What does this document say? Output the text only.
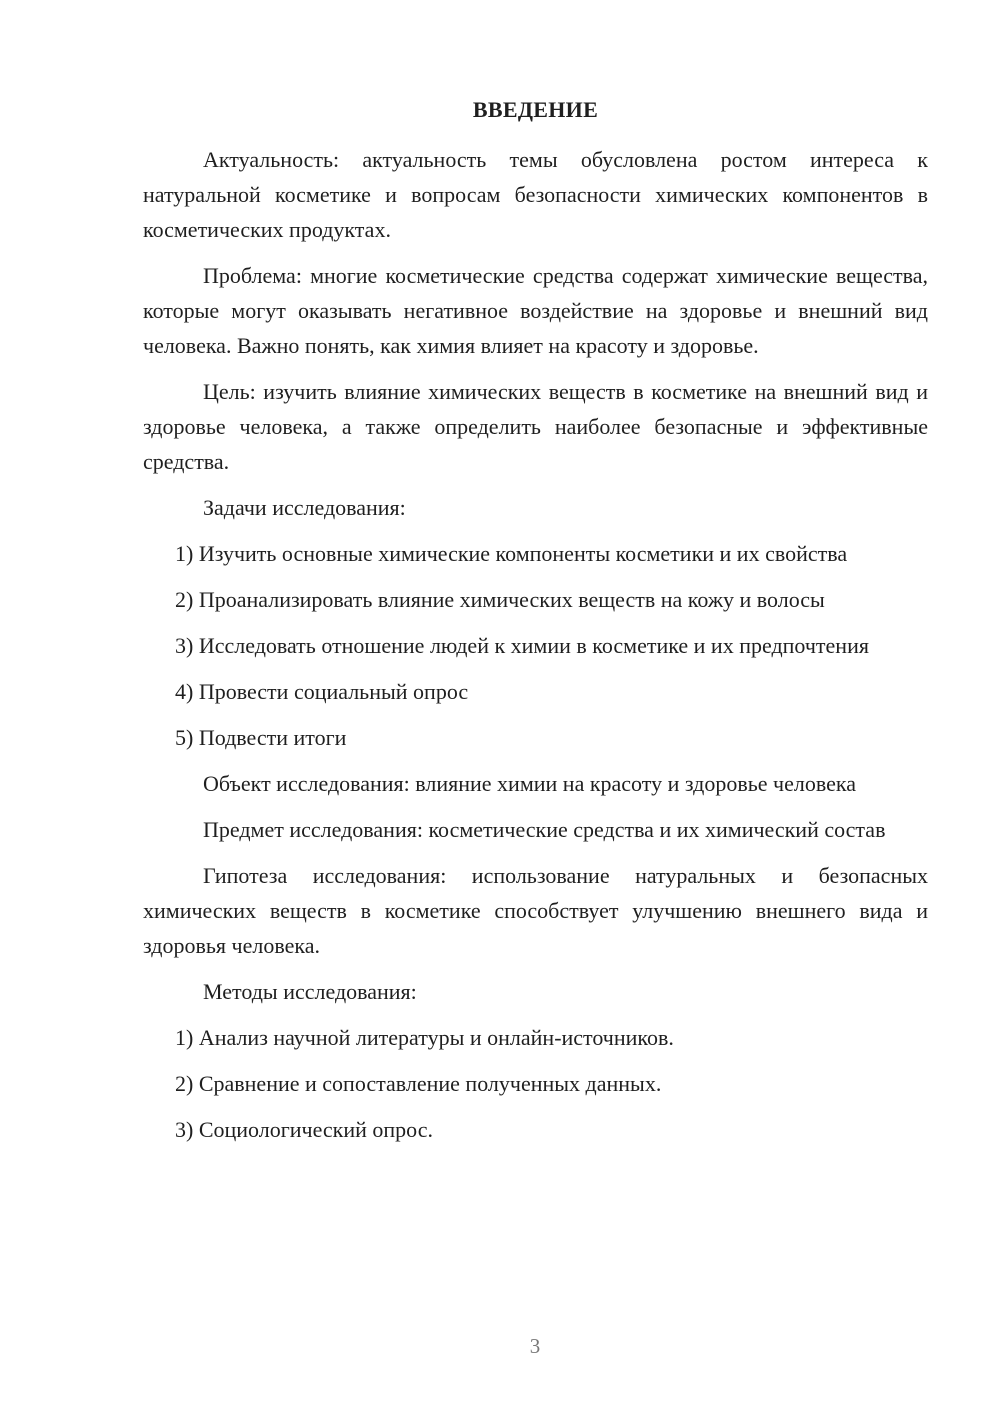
ВВЕДЕНИЕ

Актуальность: актуальность темы обусловлена ростом интереса к натуральной косметике и вопросам безопасности химических компонентов в косметических продуктах.

Проблема: многие косметические средства содержат химические вещества, которые могут оказывать негативное воздействие на здоровье и внешний вид человека. Важно понять, как химия влияет на красоту и здоровье.

Цель: изучить влияние химических веществ в косметике на внешний вид и здоровье человека, а также определить наиболее безопасные и эффективные средства.

Задачи исследования:

1) Изучить основные химические компоненты косметики и их свойства

2) Проанализировать влияние химических веществ на кожу и волосы

3) Исследовать отношение людей к химии в косметике и их предпочтения

4) Провести социальный опрос

5) Подвести итоги

Объект исследования: влияние химии на красоту и здоровье человека

Предмет исследования: косметические средства и их химический состав

Гипотеза исследования: использование натуральных и безопасных химических веществ в косметике способствует улучшению внешнего вида и здоровья человека.

Методы исследования:

1) Анализ научной литературы и онлайн-источников.

2) Сравнение и сопоставление полученных данных.

3) Социологический опрос.

3
